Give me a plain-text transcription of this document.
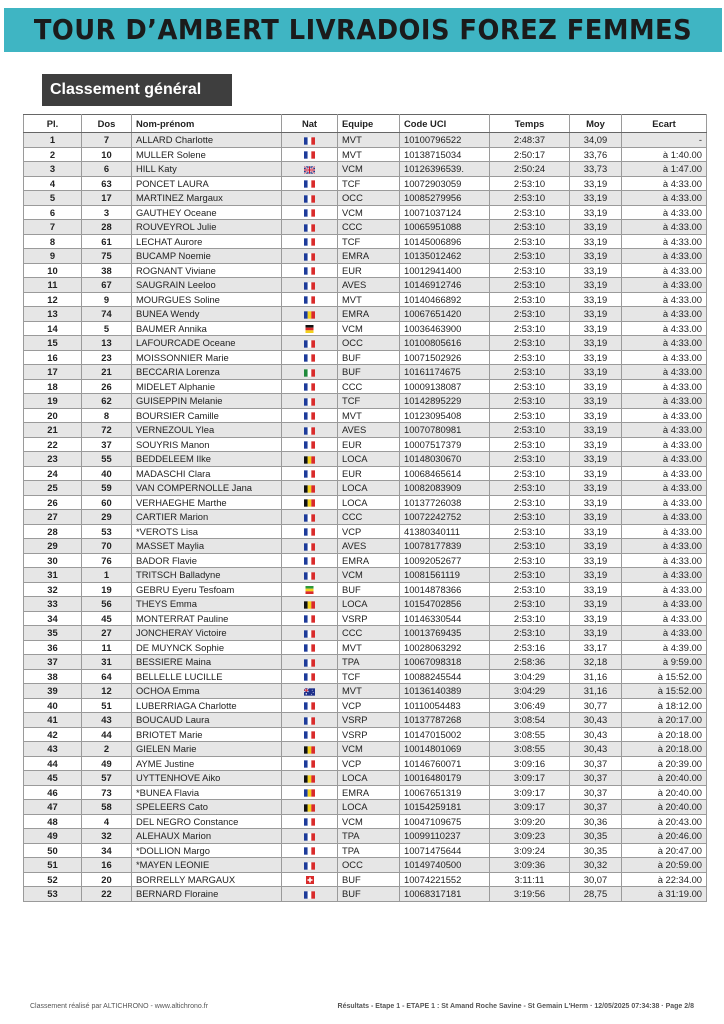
TOUR D’AMBERT LIVRADOIS FOREZ FEMMES
Classement général
Pl.	Dos	Nom-prénom	Nat	Equipe	Code UCI	Temps	Moy	Ecart
1	7	ALLARD Charlotte		MVT	10100796522	2:48:37	34,09	-
2	10	MULLER Solene		MVT	10138715034	2:50:17	33,76	à 1:40.00
3	6	HILL Katy		VCM	10126396539.	2:50:24	33,73	à 1:47.00
4	63	PONCET LAURA		TCF	10072903059	2:53:10	33,19	à 4:33.00
5	17	MARTINEZ Margaux		OCC	10085279956	2:53:10	33,19	à 4:33.00
6	3	GAUTHEY Oceane		VCM	10071037124	2:53:10	33,19	à 4:33.00
7	28	ROUVEYROL Julie		CCC	10065951088	2:53:10	33,19	à 4:33.00
8	61	LECHAT Aurore		TCF	10145006896	2:53:10	33,19	à 4:33.00
9	75	BUCAMP Noemie		EMRA	10135012462	2:53:10	33,19	à 4:33.00
10	38	ROGNANT Viviane		EUR	10012941400	2:53:10	33,19	à 4:33.00
11	67	SAUGRAIN Leeloo		AVES	10146912746	2:53:10	33,19	à 4:33.00
12	9	MOURGUES Soline		MVT	10140466892	2:53:10	33,19	à 4:33.00
13	74	BUNEA Wendy		EMRA	10067651420	2:53:10	33,19	à 4:33.00
14	5	BAUMER Annika		VCM	10036463900	2:53:10	33,19	à 4:33.00
15	13	LAFOURCADE Oceane		OCC	10100805616	2:53:10	33,19	à 4:33.00
16	23	MOISSONNIER Marie		BUF	10071502926	2:53:10	33,19	à 4:33.00
17	21	BECCARIA Lorenza		BUF	10161174675	2:53:10	33,19	à 4:33.00
18	26	MIDELET Alphanie		CCC	10009138087	2:53:10	33,19	à 4:33.00
19	62	GUISEPPIN Melanie		TCF	10142895229	2:53:10	33,19	à 4:33.00
20	8	BOURSIER Camille		MVT	10123095408	2:53:10	33,19	à 4:33.00
21	72	VERNEZOUL Ylea		AVES	10070780981	2:53:10	33,19	à 4:33.00
22	37	SOUYRIS Manon		EUR	10007517379	2:53:10	33,19	à 4:33.00
23	55	BEDDELEEM Ilke		LOCA	10148030670	2:53:10	33,19	à 4:33.00
24	40	MADASCHI Clara		EUR	10068465614	2:53:10	33,19	à 4:33.00
25	59	VAN COMPERNOLLE Jana		LOCA	10082083909	2:53:10	33,19	à 4:33.00
26	60	VERHAEGHE Marthe		LOCA	10137726038	2:53:10	33,19	à 4:33.00
27	29	CARTIER Marion		CCC	10072242752	2:53:10	33,19	à 4:33.00
28	53	*VEROTS Lisa		VCP	41380340111	2:53:10	33,19	à 4:33.00
29	70	MASSET Maylia		AVES	10078177839	2:53:10	33,19	à 4:33.00
30	76	BADOR Flavie		EMRA	10092052677	2:53:10	33,19	à 4:33.00
31	1	TRITSCH Balladyne		VCM	10081561119	2:53:10	33,19	à 4:33.00
32	19	GEBRU Eyeru Tesfoam		BUF	10014878366	2:53:10	33,19	à 4:33.00
33	56	THEYS Emma		LOCA	10154702856	2:53:10	33,19	à 4:33.00
34	45	MONTERRAT Pauline		VSRP	10146330544	2:53:10	33,19	à 4:33.00
35	27	JONCHERAY Victoire		CCC	10013769435	2:53:10	33,19	à 4:33.00
36	11	DE MUYNCK Sophie		MVT	10028063292	2:53:16	33,17	à 4:39.00
37	31	BESSIERE Maina		TPA	10067098318	2:58:36	32,18	à 9:59.00
38	64	BELLELLE LUCILLE		TCF	10088245544	3:04:29	31,16	à 15:52.00
39	12	OCHOA Emma		MVT	10136140389	3:04:29	31,16	à 15:52.00
40	51	LUBERRIAGA Charlotte		VCP	10110054483	3:06:49	30,77	à 18:12.00
41	43	BOUCAUD Laura		VSRP	10137787268	3:08:54	30,43	à 20:17.00
42	44	BRIOTET Marie		VSRP	10147015002	3:08:55	30,43	à 20:18.00
43	2	GIELEN Marie		VCM	10014801069	3:08:55	30,43	à 20:18.00
44	49	AYME Justine		VCP	10146760071	3:09:16	30,37	à 20:39.00
45	57	UYTTENHOVE Aiko		LOCA	10016480179	3:09:17	30,37	à 20:40.00
46	73	*BUNEA Flavia		EMRA	10067651319	3:09:17	30,37	à 20:40.00
47	58	SPELEERS Cato		LOCA	10154259181	3:09:17	30,37	à 20:40.00
48	4	DEL NEGRO Constance		VCM	10047109675	3:09:20	30,36	à 20:43.00
49	32	ALEHAUX Marion		TPA	10099110237	3:09:23	30,35	à 20:46.00
50	34	*DOLLION Margo		TPA	10071475644	3:09:24	30,35	à 20:47.00
51	16	*MAYEN LEONIE		OCC	10149740500	3:09:36	30,32	à 20:59.00
52	20	BORRELLY MARGAUX		BUF	10074221552	3:11:11	30,07	à 22:34.00
53	22	BERNARD Floraine		BUF	10068317181	3:19:56	28,75	à 31:19.00
Classement réalisé par ALTICHRONO - www.altichrono.fr	Résultats - Etape 1 - ETAPE 1 : St Amand Roche Savine - St Gemain L'Herm · 12/05/2025 07:34:38 · Page 2/8
